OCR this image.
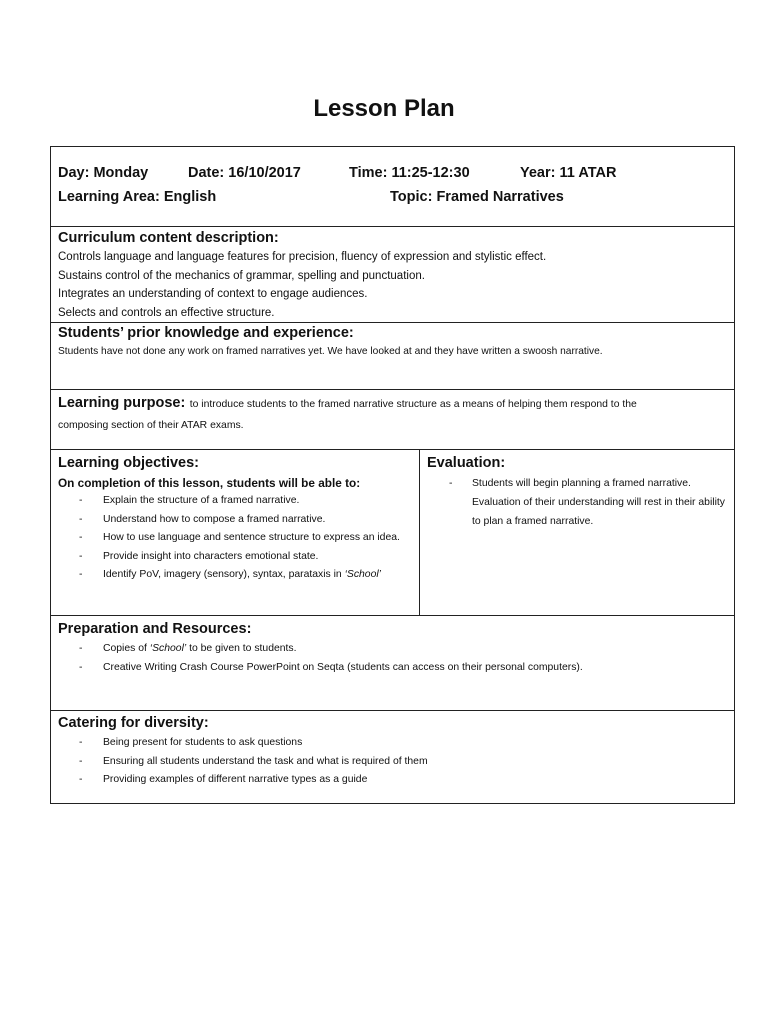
Lesson Plan
Day: Monday	Date: 16/10/2017	Time: 11:25-12:30	Year: 11 ATAR
Learning Area: English	Topic: Framed Narratives
Curriculum content description:
Controls language and language features for precision, fluency of expression and stylistic effect.
Sustains control of the mechanics of grammar, spelling and punctuation.
Integrates an understanding of context to engage audiences.
Selects and controls an effective structure.
Students’ prior knowledge and experience:
Students have not done any work on framed narratives yet. We have looked at and they have written a swoosh narrative.
Learning purpose: to introduce students to the framed narrative structure as a means of helping them respond to the
composing section of their ATAR exams.
Learning objectives:
On completion of this lesson, students will be able to:
- Explain the structure of a framed narrative.
- Understand how to compose a framed narrative.
- How to use language and sentence structure to express an idea.
- Provide insight into characters emotional state.
- Identify PoV, imagery (sensory), syntax, parataxis in ‘School’
Evaluation:
- Students will begin planning a framed narrative. Evaluation of their understanding will rest in their ability to plan a framed narrative.
Preparation and Resources:
- Copies of ‘School’ to be given to students.
- Creative Writing Crash Course PowerPoint on Seqta (students can access on their personal computers).
Catering for diversity:
- Being present for students to ask questions
- Ensuring all students understand the task and what is required of them
- Providing examples of different narrative types as a guide
